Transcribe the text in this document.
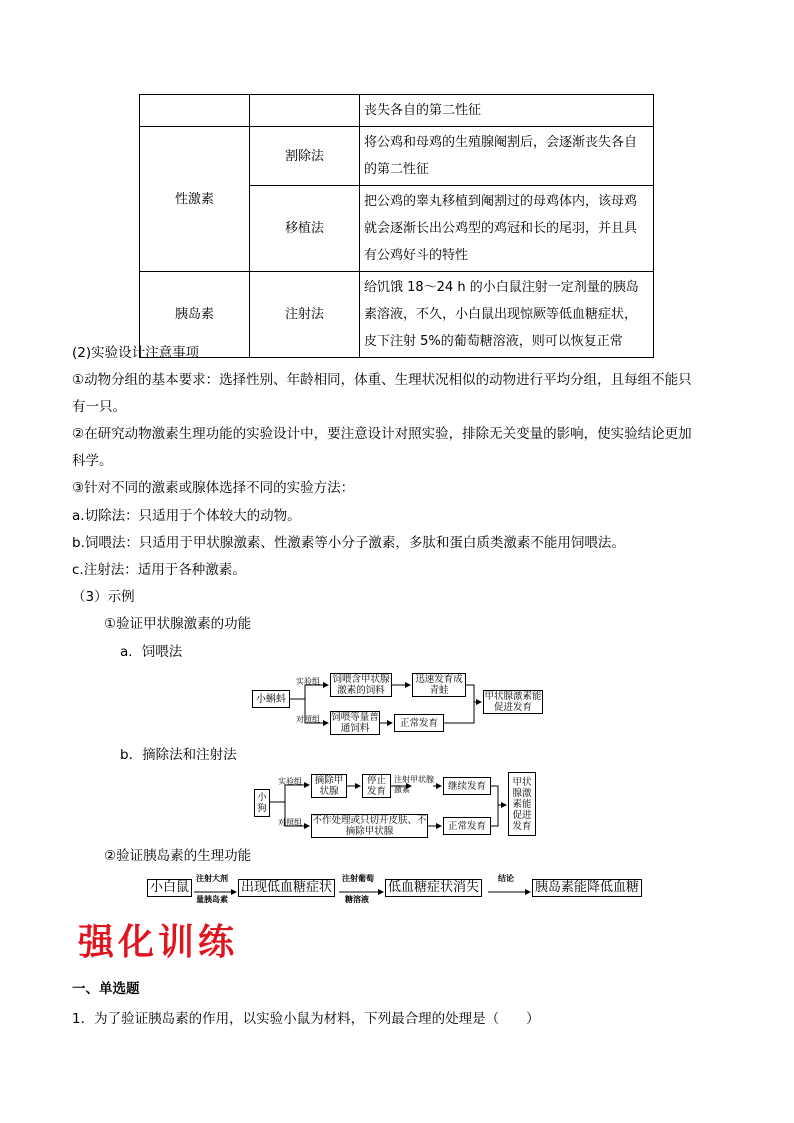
		丧失各自的第二性征
性激素	割除法	将公鸡和母鸡的生殖腺阉割后，会逐渐丧失各自的第二性征
	移植法	把公鸡的睾丸移植到阉割过的母鸡体内，该母鸡就会逐渐长出公鸡型的鸡冠和长的尾羽，并且具有公鸡好斗的特性
胰岛素	注射法	给饥饿 18～24 h 的小白鼠注射一定剂量的胰岛素溶液，不久，小白鼠出现惊厥等低血糖症状，皮下注射 5%的葡萄糖溶液，则可以恢复正常
(2)实验设计注意事项
①动物分组的基本要求：选择性别、年龄相同，体重、生理状况相似的动物进行平均分组，且每组不能只
有一只。
②在研究动物激素生理功能的实验设计中，要注意设计对照实验，排除无关变量的影响，使实验结论更加
科学。
③针对不同的激素或腺体选择不同的实验方法：
a.切除法：只适用于个体较大的动物。
b.饲喂法：只适用于甲状腺激素、性激素等小分子激素，多肽和蛋白质类激素不能用饲喂法。
c.注射法：适用于各种激素。
（3）示例
①验证甲状腺激素的功能
a．饲喂法
小蝌蚪
实验组
对照组
饲喂含甲状腺激素的饲料
迅速发育成青蛙
饲喂等量普通饲料	正常发育
甲状腺激素能促进发育
b．摘除法和注射法
小狗
实验组
对照组
摘除甲状腺
停止发育
注射甲状腺激素	继续发育
不作处理或只切开皮肤、不摘除甲状腺	正常发育
甲状腺激素能促进发育
②验证胰岛素的生理功能
小白鼠
注射大剂
量胰岛素
出现低血糖症状
注射葡萄
糖溶液
低血糖症状消失
结论
胰岛素能降低血糖
强化训练
一、单选题
1．为了验证胰岛素的作用，以实验小鼠为材料，下列最合理的处理是（　　）
